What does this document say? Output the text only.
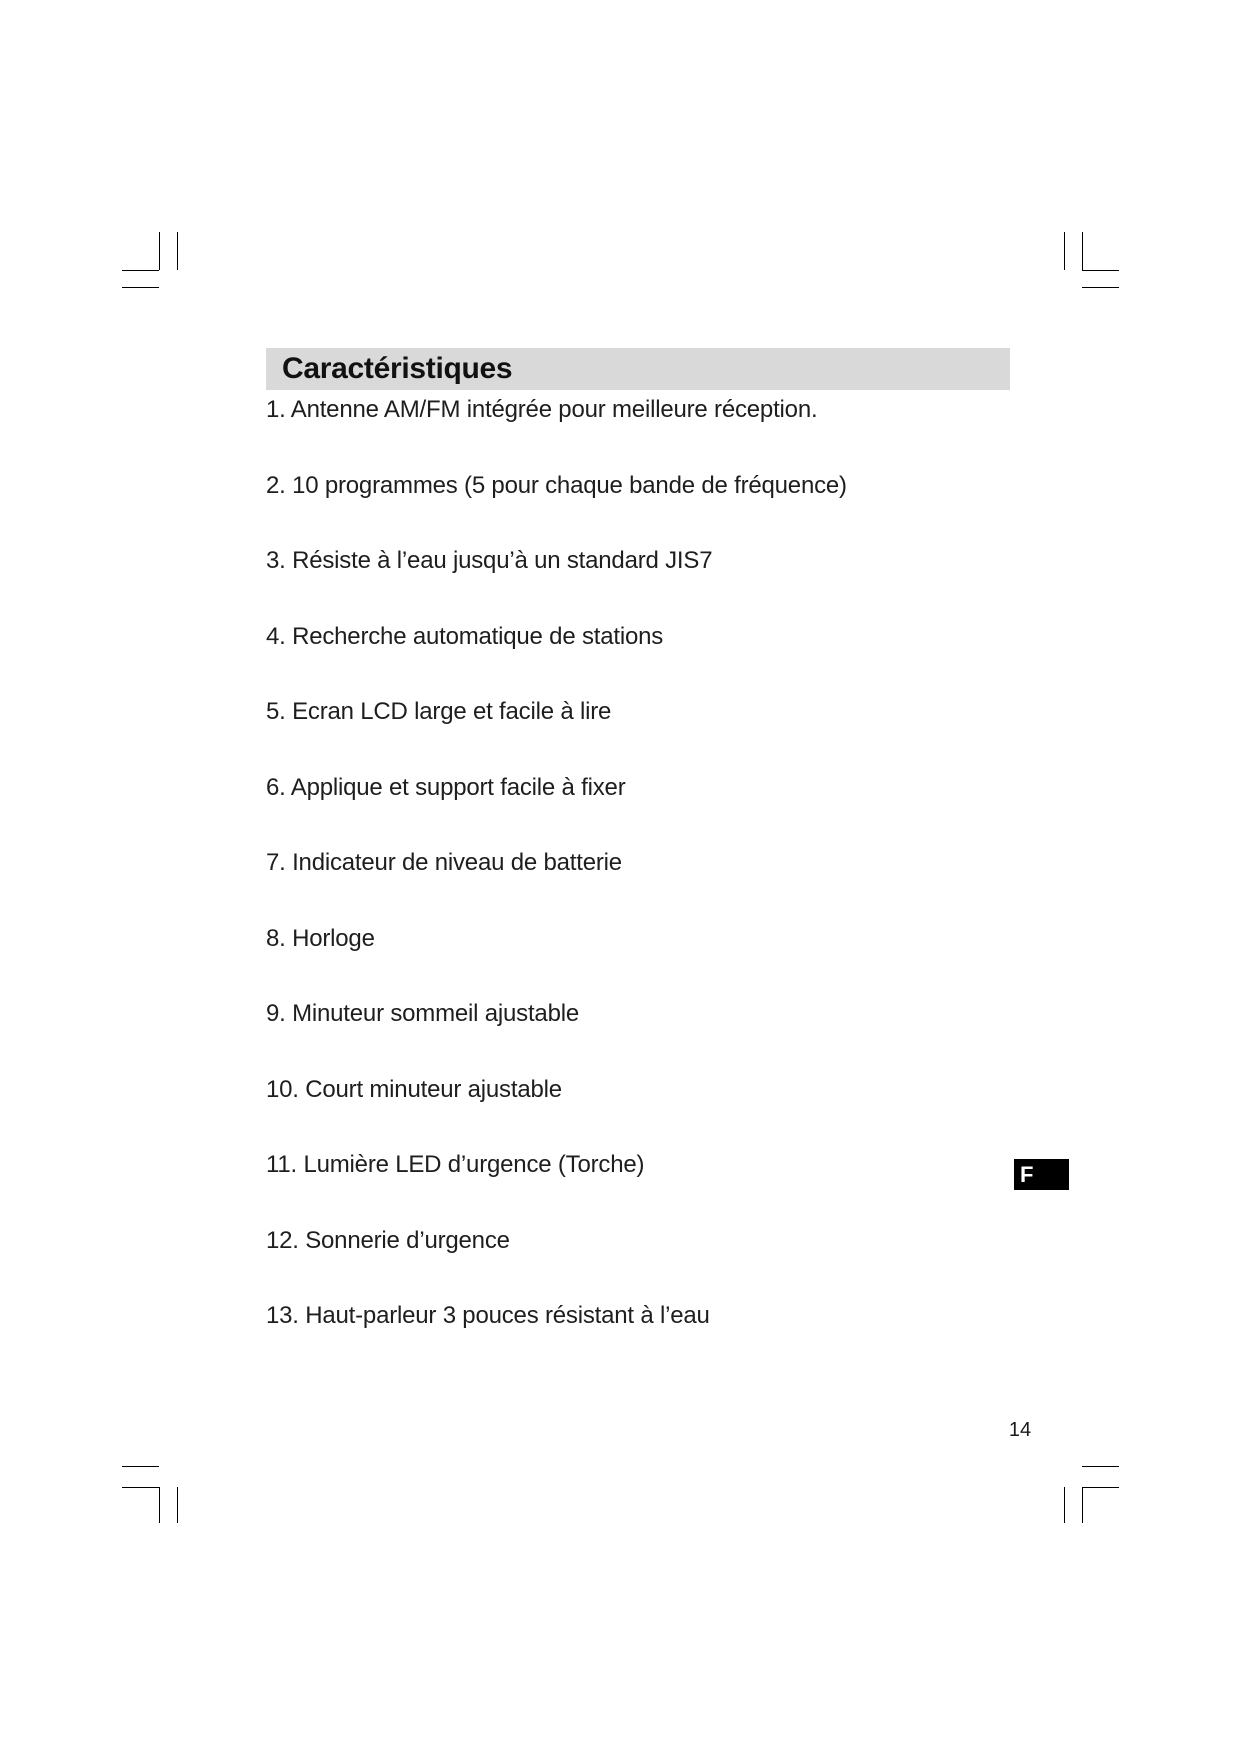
Caractéristiques
1. Antenne AM/FM intégrée pour meilleure réception.
2. 10 programmes (5 pour chaque bande de fréquence)
3. Résiste à l’eau jusqu’à un standard JIS7
4. Recherche automatique de stations
5. Ecran LCD large et facile à lire
6. Applique et support facile à fixer
7. Indicateur de niveau de batterie
8. Horloge
9. Minuteur sommeil ajustable
10. Court minuteur ajustable
11. Lumière LED d’urgence (Torche)
12. Sonnerie d’urgence
13. Haut-parleur 3 pouces résistant à l’eau
F
14
